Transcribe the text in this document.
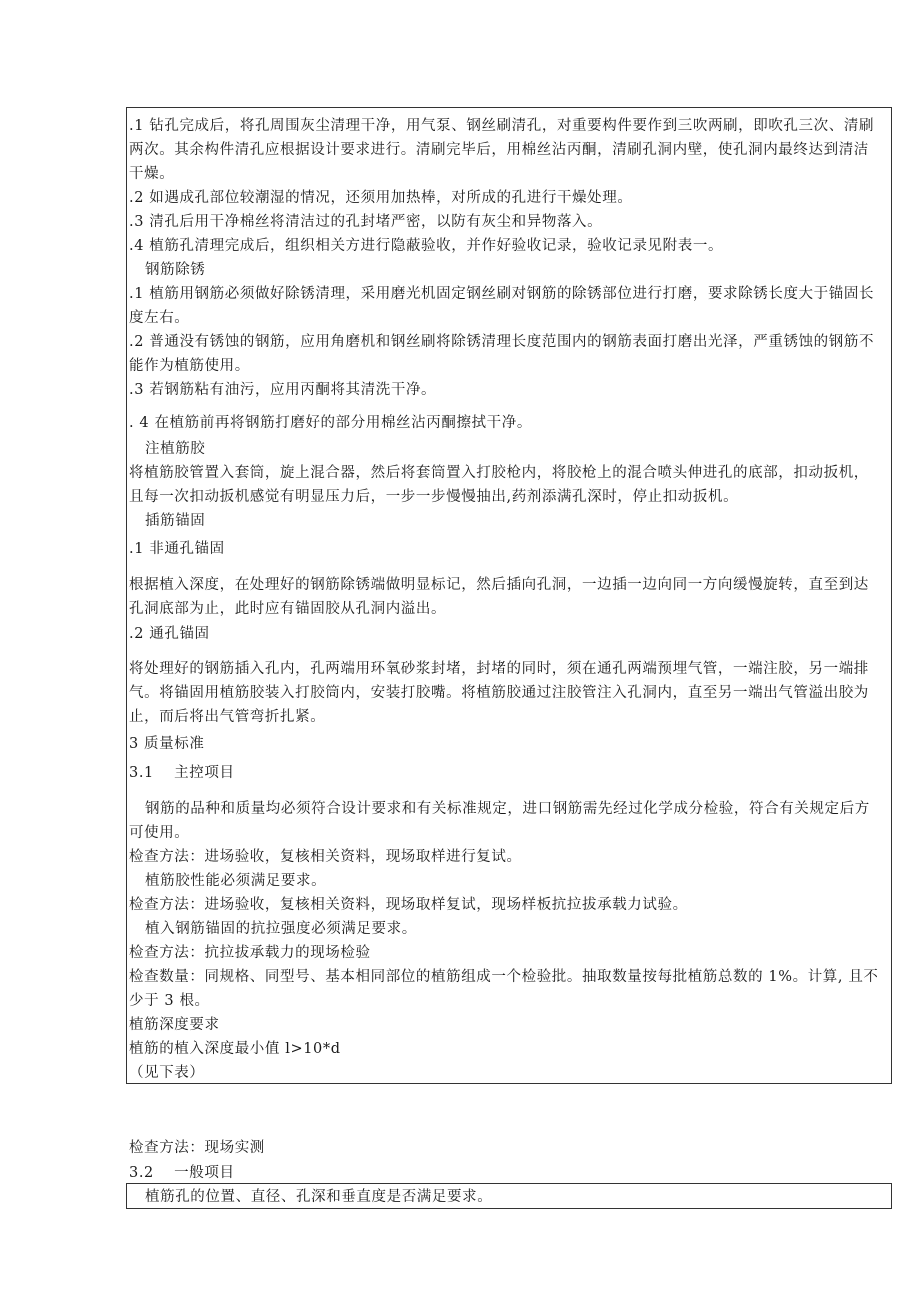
.1 钻孔完成后，将孔周围灰尘清理干净，用气泵、钢丝刷清孔，对重要构件要作到三吹两刷，即吹孔三次、清刷
两次。其余构件清孔应根据设计要求进行。清刷完毕后，用棉丝沾丙酮，清刷孔洞内壁，使孔洞内最终达到清洁
干燥。
.2 如遇成孔部位较潮湿的情况，还须用加热棒，对所成的孔进行干燥处理。
.3 清孔后用干净棉丝将清洁过的孔封堵严密，以防有灰尘和异物落入。
.4 植筋孔清理完成后，组织相关方进行隐蔽验收，并作好验收记录，验收记录见附表一。
钢筋除锈
.1 植筋用钢筋必须做好除锈清理，采用磨光机固定钢丝刷对钢筋的除锈部位进行打磨，要求除锈长度大于锚固长
度左右。
.2 普通没有锈蚀的钢筋，应用角磨机和钢丝刷将除锈清理长度范围内的钢筋表面打磨出光泽，严重锈蚀的钢筋不
能作为植筋使用。
.3 若钢筋粘有油污，应用丙酮将其清洗干净。
. 4 在植筋前再将钢筋打磨好的部分用棉丝沾丙酮擦拭干净。
注植筋胶
将植筋胶管置入套筒，旋上混合器，然后将套筒置入打胶枪内，将胶枪上的混合喷头伸进孔的底部，扣动扳机，
且每一次扣动扳机感觉有明显压力后，一步一步慢慢抽出,药剂添满孔深时，停止扣动扳机。
插筋锚固
.1 非通孔锚固
根据植入深度，在处理好的钢筋除锈端做明显标记，然后插向孔洞，一边插一边向同一方向缓慢旋转，直至到达
孔洞底部为止，此时应有锚固胶从孔洞内溢出。
.2 通孔锚固
将处理好的钢筋插入孔内，孔两端用环氧砂浆封堵，封堵的同时，须在通孔两端预埋气管，一端注胶，另一端排
气。将锚固用植筋胶装入打胶筒内，安装打胶嘴。将植筋胶通过注胶管注入孔洞内，直至另一端出气管溢出胶为
止，而后将出气管弯折扎紧。
3 质量标准
3.1　 主控项目
钢筋的品种和质量均必须符合设计要求和有关标准规定，进口钢筋需先经过化学成分检验，符合有关规定后方
可使用。
检查方法：进场验收，复核相关资料，现场取样进行复试。
植筋胶性能必须满足要求。
检查方法：进场验收，复核相关资料，现场取样复试，现场样板抗拉拔承载力试验。
植入钢筋锚固的抗拉强度必须满足要求。
检查方法：抗拉拔承载力的现场检验
检查数量：同规格、同型号、基本相同部位的植筋组成一个检验批。抽取数量按每批植筋总数的 1%。计算, 且不
少于 3 根。
植筋深度要求
植筋的植入深度最小值 l>10*d
（见下表）
检查方法：现场实测
3.2　 一般项目
植筋孔的位置、直径、孔深和垂直度是否满足要求。
